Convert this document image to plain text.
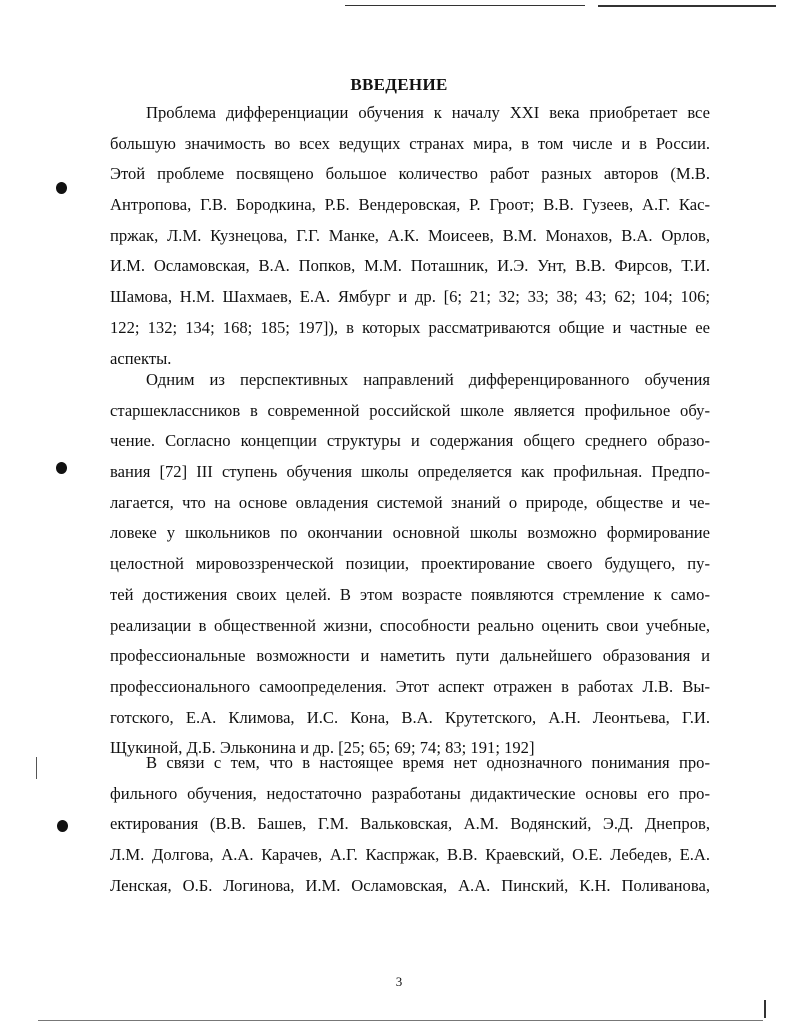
ВВЕДЕНИЕ
Проблема дифференциации обучения к началу XXI века приобретает все
большую значимость во всех ведущих странах мира, в том числе и в России.
Этой проблеме посвящено большое количество работ разных авторов (М.В.
Антропова, Г.В. Бородкина, Р.Б. Вендеровская, Р. Гроот; В.В. Гузеев, А.Г. Кас-
пржак, Л.М. Кузнецова, Г.Г. Манке, А.К. Моисеев, В.М. Монахов, В.А. Орлов,
И.М. Осламовская, В.А. Попков, М.М. Поташник, И.Э. Унт, В.В. Фирсов, Т.И.
Шамова, Н.М. Шахмаев, Е.А. Ямбург и др. [6; 21; 32; 33; 38; 43; 62; 104; 106;
122; 132; 134; 168; 185; 197]), в которых рассматриваются общие и частные ее
аспекты.
Одним из перспективных направлений дифференцированного обучения
старшеклассников в современной российской школе является профильное обу-
чение. Согласно концепции структуры и содержания общего среднего образо-
вания [72] III ступень обучения школы определяется как профильная. Предпо-
лагается, что на основе овладения системой знаний о природе, обществе и че-
ловеке у школьников по окончании основной школы возможно формирование
целостной мировоззренческой позиции, проектирование своего будущего, пу-
тей достижения своих целей. В этом возрасте появляются стремление к само-
реализации в общественной жизни, способности реально оценить свои учебные,
профессиональные возможности и наметить пути дальнейшего образования и
профессионального самоопределения. Этот аспект отражен в работах Л.В. Вы-
готского, Е.А. Климова, И.С. Кона, В.А. Крутетского, А.Н. Леонтьева, Г.И.
Щукиной, Д.Б. Эльконина и др. [25; 65; 69; 74; 83; 191; 192]
В связи с тем, что в настоящее время нет однозначного понимания про-
фильного обучения, недостаточно разработаны дидактические основы его про-
ектирования (В.В. Башев, Г.М. Вальковская, А.М. Водянский, Э.Д. Днепров,
Л.М. Долгова, А.А. Карачев, А.Г. Каспржак, В.В. Краевский, О.Е. Лебедев, Е.А.
Ленская, О.Б. Логинова, И.М. Осламовская, А.А. Пинский, К.Н. Поливанова,
3
